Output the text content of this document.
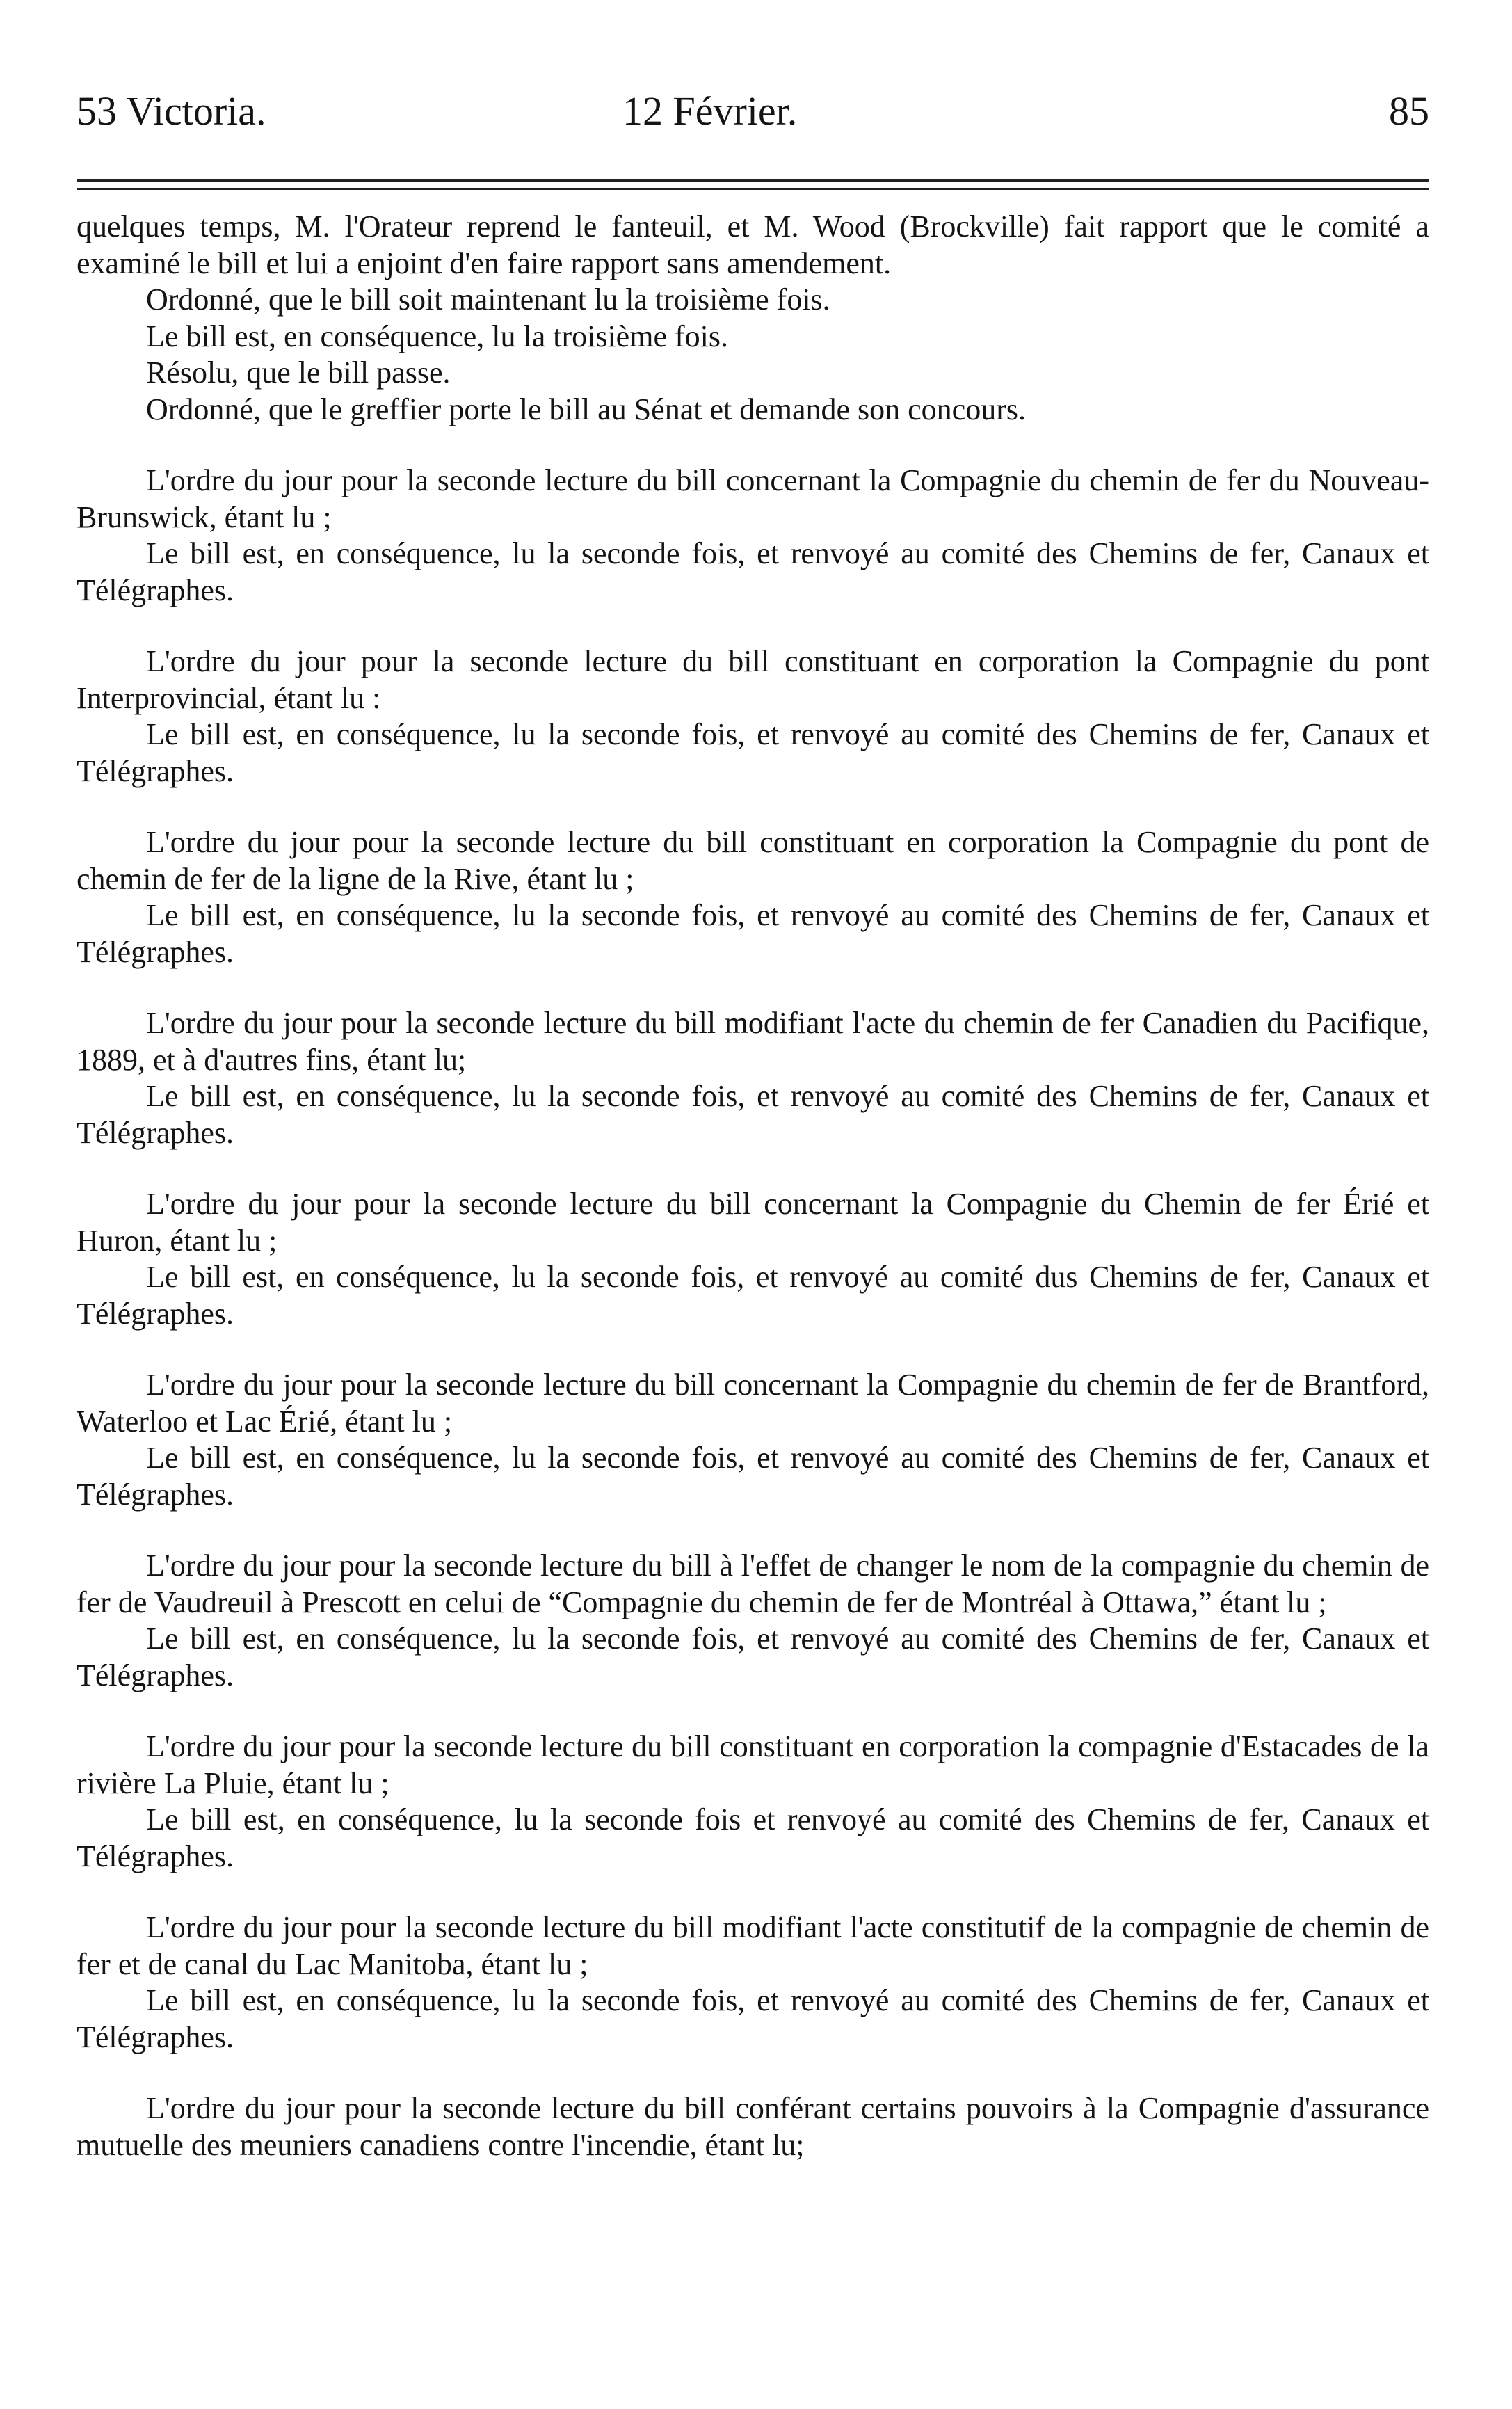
53 Victoria.	12 Février.	85

quelques temps, M. l'Orateur reprend le fanteuil, et M. Wood (Brockville) fait rapport que le comité a examiné le bill et lui a enjoint d'en faire rapport sans amendement.

Ordonné, que le bill soit maintenant lu la troisième fois.

Le bill est, en conséquence, lu la troisième fois.

Résolu, que le bill passe.

Ordonné, que le greffier porte le bill au Sénat et demande son concours.

L'ordre du jour pour la seconde lecture du bill concernant la Compagnie du chemin de fer du Nouveau-Brunswick, étant lu ;

Le bill est, en conséquence, lu la seconde fois, et renvoyé au comité des Chemins de fer, Canaux et Télégraphes.

L'ordre du jour pour la seconde lecture du bill constituant en corporation la Compagnie du pont Interprovincial, étant lu :

Le bill est, en conséquence, lu la seconde fois, et renvoyé au comité des Chemins de fer, Canaux et Télégraphes.

L'ordre du jour pour la seconde lecture du bill constituant en corporation la Compagnie du pont de chemin de fer de la ligne de la Rive, étant lu ;

Le bill est, en conséquence, lu la seconde fois, et renvoyé au comité des Chemins de fer, Canaux et Télégraphes.

L'ordre du jour pour la seconde lecture du bill modifiant l'acte du chemin de fer Canadien du Pacifique, 1889, et à d'autres fins, étant lu;

Le bill est, en conséquence, lu la seconde fois, et renvoyé au comité des Chemins de fer, Canaux et Télégraphes.

L'ordre du jour pour la seconde lecture du bill concernant la Compagnie du Chemin de fer Érié et Huron, étant lu ;

Le bill est, en conséquence, lu la seconde fois, et renvoyé au comité dus Chemins de fer, Canaux et Télégraphes.

L'ordre du jour pour la seconde lecture du bill concernant la Compagnie du chemin de fer de Brantford, Waterloo et Lac Érié, étant lu ;

Le bill est, en conséquence, lu la seconde fois, et renvoyé au comité des Chemins de fer, Canaux et Télégraphes.

L'ordre du jour pour la seconde lecture du bill à l'effet de changer le nom de la compagnie du chemin de fer de Vaudreuil à Prescott en celui de “Compagnie du chemin de fer de Montréal à Ottawa,” étant lu ;

Le bill est, en conséquence, lu la seconde fois, et renvoyé au comité des Chemins de fer, Canaux et Télégraphes.

L'ordre du jour pour la seconde lecture du bill constituant en corporation la compagnie d'Estacades de la rivière La Pluie, étant lu ;

Le bill est, en conséquence, lu la seconde fois et renvoyé au comité des Chemins de fer, Canaux et Télégraphes.

L'ordre du jour pour la seconde lecture du bill modifiant l'acte constitutif de la compagnie de chemin de fer et de canal du Lac Manitoba, étant lu ;

Le bill est, en conséquence, lu la seconde fois, et renvoyé au comité des Chemins de fer, Canaux et Télégraphes.

L'ordre du jour pour la seconde lecture du bill conférant certains pouvoirs à la Compagnie d'assurance mutuelle des meuniers canadiens contre l'incendie, étant lu;
